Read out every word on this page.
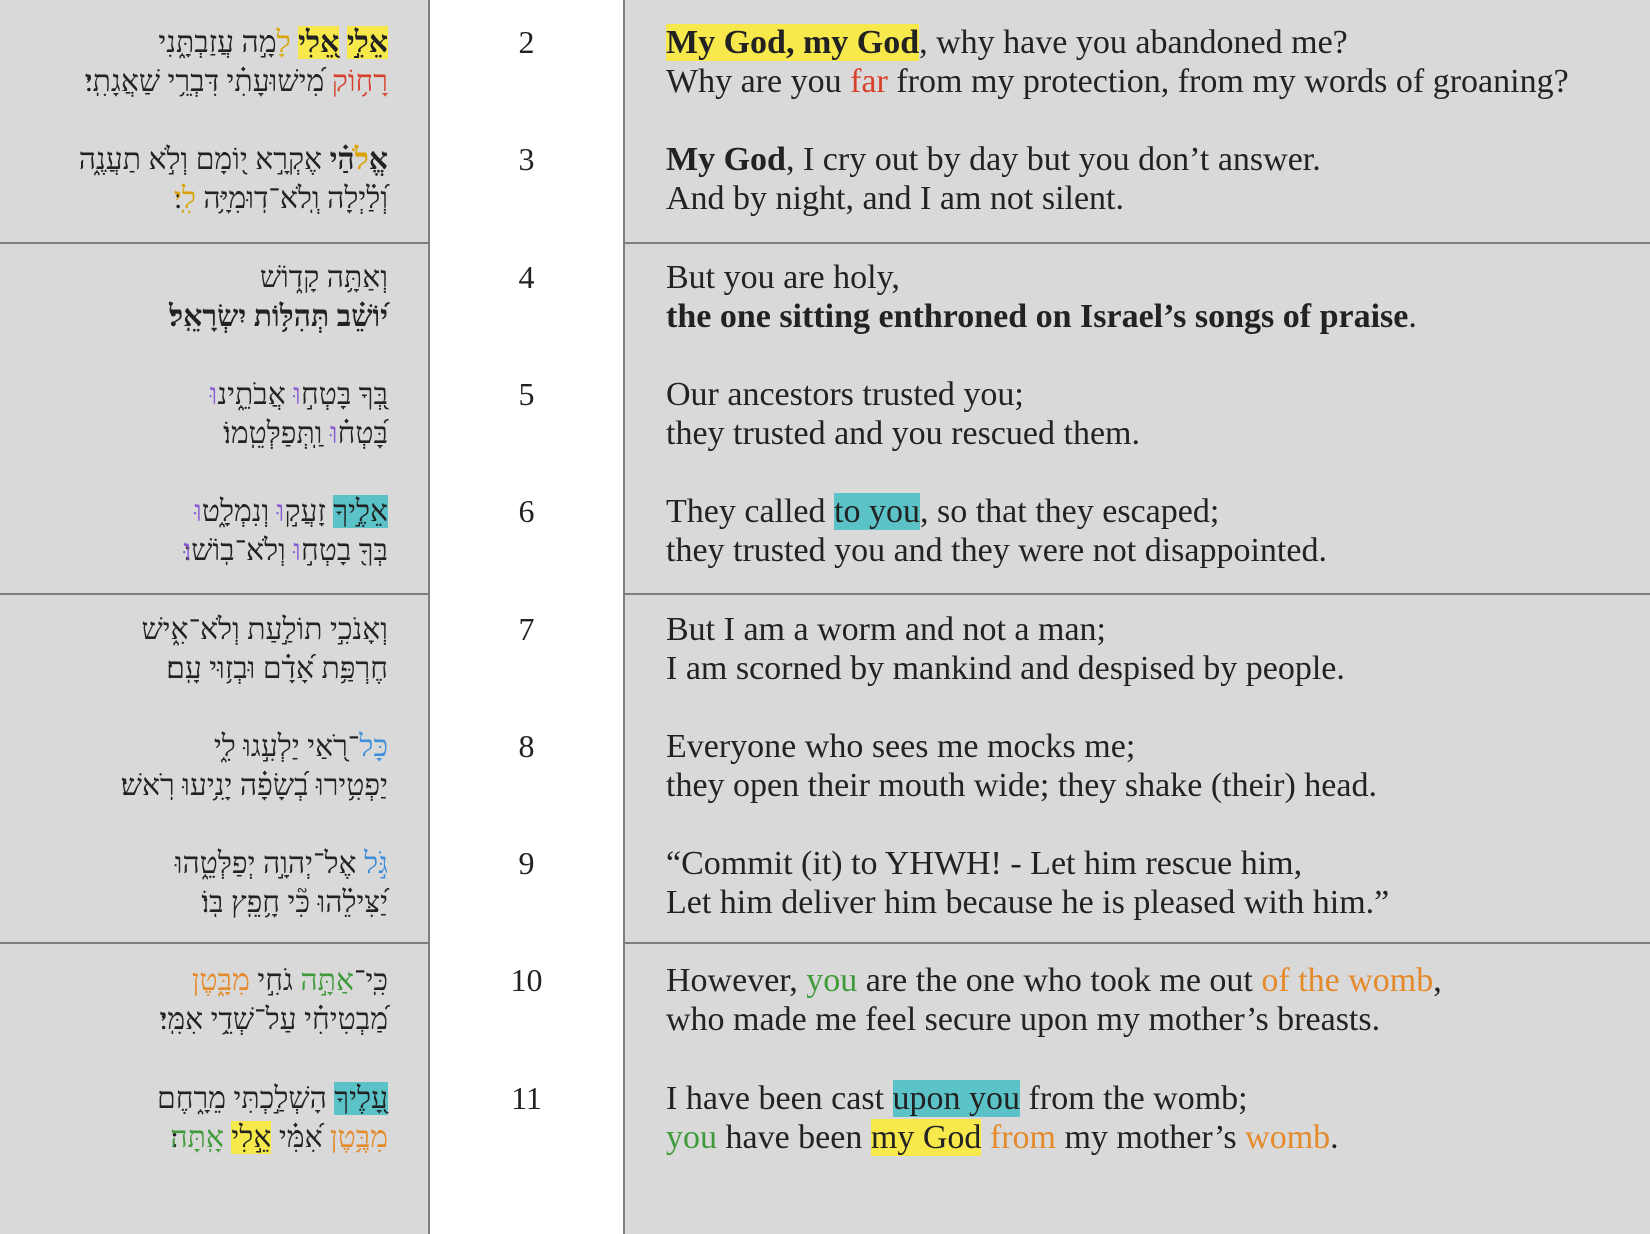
אֵלִ֣י אֵ֭לִי לָמָ֣ה עֲזַבְתָּ֑נִי
רָח֥וֹק מִ֝ישׁוּעָתִ֗י דִּבְרֵ֥י שַׁאֲגָתִֽי׃
My God, my God, why have you abandoned me?
Why are you far from my protection, from my words of groaning?
2
אֱלֹהַ֗י אֶקְרָ֣א י֭וֹמָם וְלֹ֣א תַעֲנֶ֑ה
וְ֝לַ֗יְלָה וְֽלֹא־דֽוּמִיָּ֥ה לִֽי
My God, I cry out by day but you don’t answer.
And by night, and I am not silent.
3
וְאַתָּ֥ה קָד֑וֹשׁ
י֝וֹשֵׁ֗ב תְּהִלּ֥וֹת יִשְׂרָאֵֽל׃
But you are holy,
the one sitting enthroned on Israel’s songs of praise.
4
בְּ֭ךָ בָּטְח֣וּ אֲבֹתֵ֑ינוּ
בָּ֝טְח֗וּ וַֽתְּפַלְּטֵֽמוֹ׃
Our ancestors trusted you;
they trusted and you rescued them.
5
אֵלֶ֣יךָ זָעֲק֣וּ וְנִמְלָ֑טוּ
בְּךָ֖ בָטְח֣וּ וְלֹא־בֽוֹשׁוּ
They called to you, so that they escaped;
they trusted you and they were not disappointed.
6
וְאָנֹכִ֣י תוֹלַ֣עַת וְלֹא־אִ֑ישׁ
חֶרְפַּ֥ת אָ֝דָ֗ם וּבְז֥וּי עָֽם׃
But I am a worm and not a man;
I am scorned by mankind and despised by people.
7
כָּל־רֹ֭אַי יַלְעִ֣גוּ לִ֑י
יַפְטִ֥ירוּ בְ֝שָׂפָ֗ה יָנִ֥יעוּ רֹֽאשׁ׃
Everyone who sees me mocks me;
they open their mouth wide; they shake (their) head.
8
גֹּ֣ל אֶל־יְהוָ֣ה יְפַלְּטֵ֑הוּ
יַ֝צִּילֵ֗הוּ כִּ֘י חָ֥פֵֽץ בּֽוֹ׃
“Commit (it) to YHWH! - Let him rescue him,
Let him deliver him because he is pleased with him.”
9
כִּֽי־אַתָּ֣ה גֹחִ֣י מִבָּ֑טֶן
מַ֝בְטִיחִ֗י עַל־שְׁדֵ֥י אִמִּֽי׃
However, you are the one who took me out of the womb,
who made me feel secure upon my mother’s breasts.
10
עָ֭לֶיךָ הָשְׁלַ֣כְתִּי מֵרָ֑חֶם
מִבֶּ֥טֶן אִ֝מִּ֗י אֵ֣לִי אָֽתָּה
I have been cast upon you from the womb;
you have been my God from my mother’s womb.
11
